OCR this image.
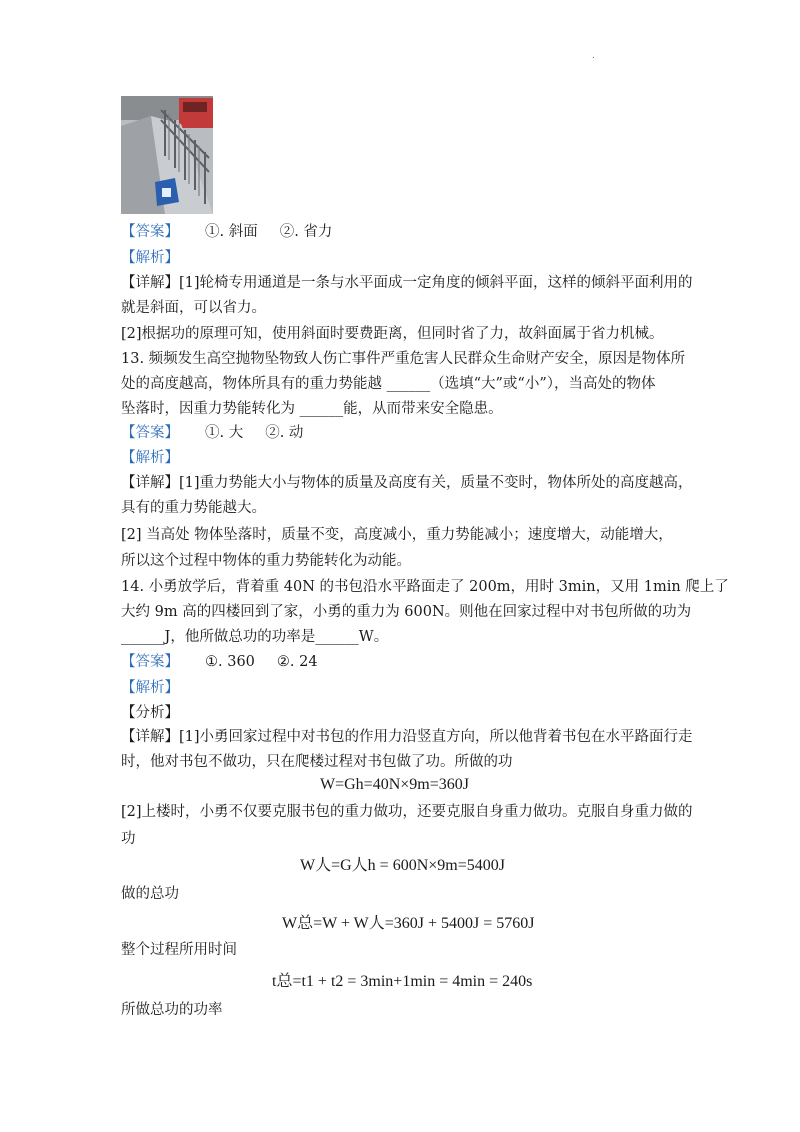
.
【答案】 ①. 斜面 ②. 省力
【解析】
【详解】[1]轮椅专用通道是一条与水平面成一定角度的倾斜平面，这样的倾斜平面利用的
就是斜面，可以省力。
[2]根据功的原理可知，使用斜面时要费距离，但同时省了力，故斜面属于省力机械。
13. 频频发生高空抛物坠物致人伤亡事件严重危害人民群众生命财产安全，原因是物体所
处的高度越高，物体所具有的重力势能越 ______（选填“大”或“小”），当高处的物体
坠落时，因重力势能转化为 ______能，从而带来安全隐患。
【答案】 ①. 大 ②. 动
【解析】
【详解】[1]重力势能大小与物体的质量及高度有关，质量不变时，物体所处的高度越高，
具有的重力势能越大。
[2] 当高处 物体坠落时，质量不变，高度减小，重力势能减小；速度增大，动能增大，
所以这个过程中物体的重力势能转化为动能。
14. 小勇放学后，背着重 40N 的书包沿水平路面走了 200m，用时 3min，又用 1min 爬上了
大约 9m 高的四楼回到了家，小勇的重力为 600N。则他在回家过程中对书包所做的功为
______J，他所做总功的功率是______W。
【答案】 ①. 360 ②. 24
【解析】
【分析】
【详解】[1]小勇回家过程中对书包的作用力沿竖直方向，所以他背着书包在水平路面行走
时，他对书包不做功，只在爬楼过程对书包做了功。所做的功
W=Gh=40N×9m=360J
[2]上楼时，小勇不仅要克服书包的重力做功，还要克服自身重力做功。克服自身重力做的
功
W人=G人h = 600N×9m=5400J
做的总功
W总=W + W人=360J + 5400J = 5760J
整个过程所用时间
t总=t1 + t2 = 3min+1min = 4min = 240s
所做总功的功率
